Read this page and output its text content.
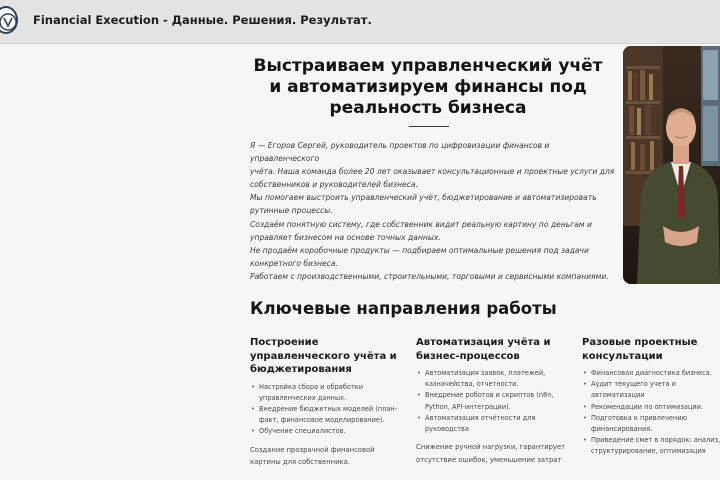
Financial Execution - Данные. Решения. Результат.
Выстраиваем управленческий учёт и автоматизируем финансы под реальность бизнеса

Я — Егоров Сергей, руководитель проектов по цифровизации финансов и управленческого

учёта. Наша команда более 20 лет оказывает консультационные и проектные услуги для

собственников и руководителей бизнеса.

Мы помогаем выстроить управленческий учёт, бюджетирование и автоматизировать

рутинные процессы.

Создаём понятную систему, где собственник видит реальную картину по деньгам и

управляет бизнесом на основе точных данных.

Не продаём коробочные продукты — подбираем оптимальные решения под задачи

конкретного бизнеса.

Работаем с производственными, строительными, торговыми и сервисными компаниями.

Ключевые направления работы
Построение управленческого учёта и бюджетирования
• Настройка сбора и обработки управленческих данных.
• Внедрение бюджетных моделей (план-факт, финансовое моделирование).
• Обучение специалистов.

Создание прозрачной финансовой картины для собственника.

Автоматизация учёта и бизнес-процессов
• Автоматизация заявок, платежей, казначейства, отчетности.
• Внедрение роботов и скриптов (n8n, Python, API-интеграции).
• Автоматизация отчётности для руководства

Снижение ручной нагрузки, гарантирует отсутствие ошибок, уменьшение затрат

Разовые проектные консультации
• Финансовая диагностика бизнеса.
• Аудит текущего учета и автоматизации
• Рекомендации по оптимизации.
• Подготовка к привлечению финансирования.
• Приведение смет в порядок: анализ, структурирование, оптимизация
